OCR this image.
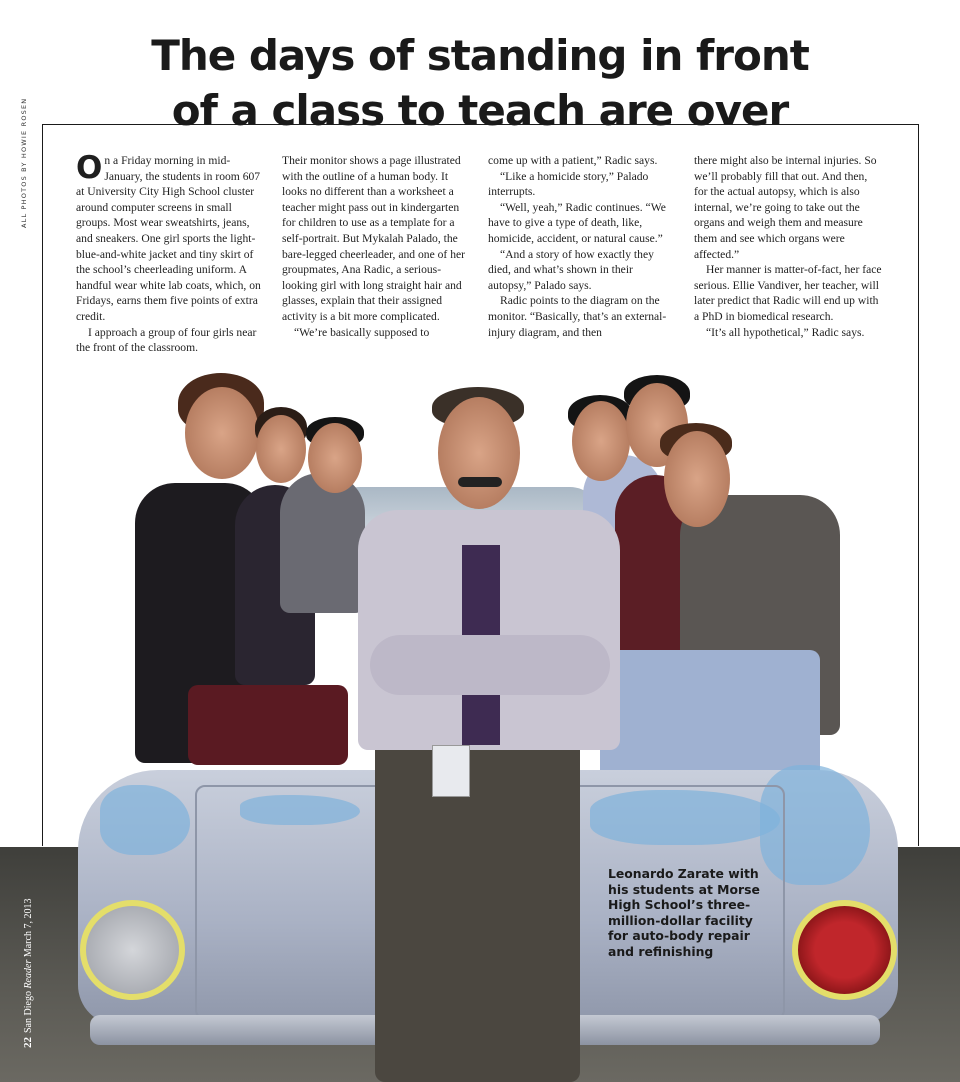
The days of standing in front
of a class to teach are over
ALL PHOTOS BY HOWIE ROSEN On a Friday morning in mid-January, the students in room 607 at University City High School cluster around computer screens in small groups. Most wear sweatshirts, jeans, and sneakers. One girl sports the light-blue-and-white jacket and tiny skirt of the school’s cheerleading uniform. A handful wear white lab coats, which, on Fridays, earns them five points of extra credit.

I approach a group of four girls near the front of the classroom.

Their monitor shows a page illustrated with the outline of a human body. It looks no different than a worksheet a teacher might pass out in kindergarten for children to use as a template for a self-portrait. But Mykalah Palado, the bare-legged cheerleader, and one of her groupmates, Ana Radic, a serious-looking girl with long straight hair and glasses, explain that their assigned activity is a bit more complicated.

“We’re basically supposed to

come up with a patient,” Radic says.

“Like a homicide story,” Palado interrupts.

“Well, yeah,” Radic continues. “We have to give a type of death, like, homicide, accident, or natural cause.”

“And a story of how exactly they died, and what’s shown in their autopsy,” Palado says.

Radic points to the diagram on the monitor. “Basically, that’s an external-injury diagram, and then

there might also be internal injuries. So we’ll probably fill that out. And then, for the actual autopsy, which is also internal, we’re going to take out the organs and weigh them and measure them and see which organs were affected.”

Her manner is matter-of-fact, her face serious. Ellie Vandiver, her teacher, will later predict that Radic will end up with a PhD in biomedical research.

“It’s all hypothetical,” Radic says.

Leonardo Zarate with his students at Morse High School’s three-million-dollar facility for auto-body repair and refinishing
22San Diego Reader March 7, 2013
